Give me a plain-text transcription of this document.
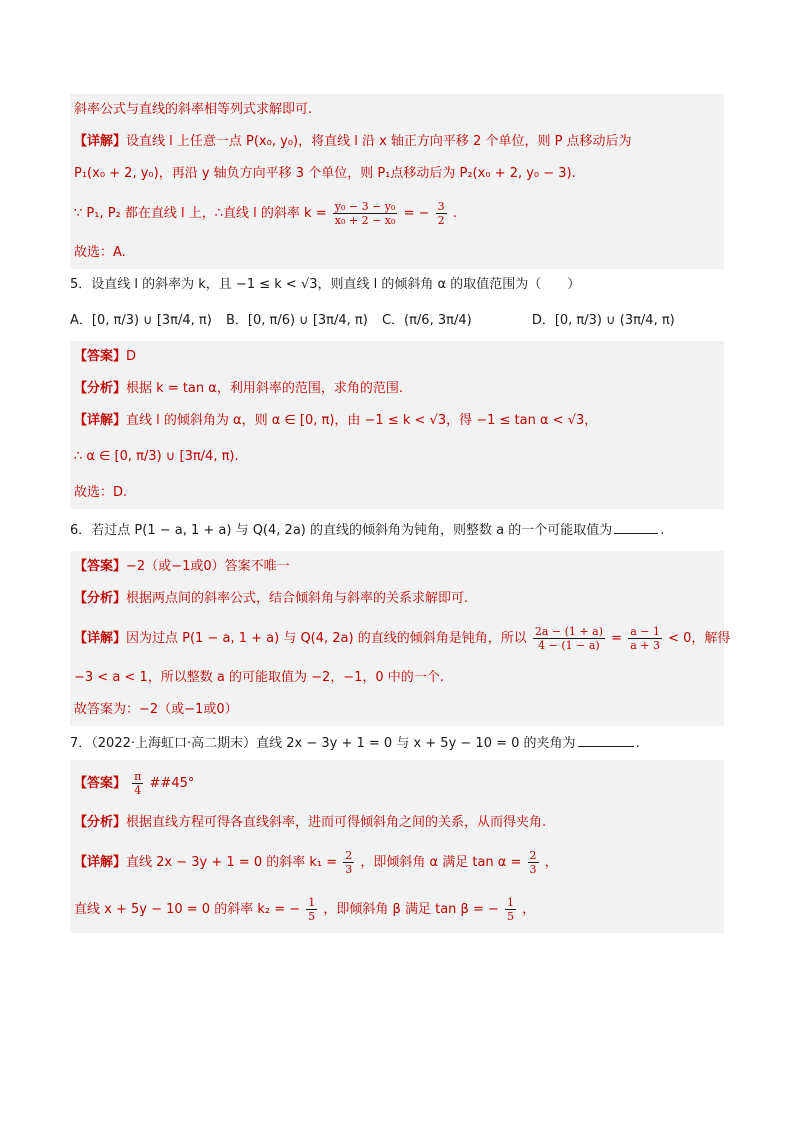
斜率公式与直线的斜率相等列式求解即可.
【详解】设直线 l 上任意一点 P(x₀, y₀)，将直线 l 沿 x 轴正方向平移 2 个单位，则 P 点移动后为
P₁(x₀ + 2, y₀)，再沿 y 轴负方向平移 3 个单位，则 P₁点移动后为 P₂(x₀ + 2, y₀ − 3).
∵ P₁, P₂ 都在直线 l 上，∴直线 l 的斜率 $k = \frac{\text{y₀ − 3 − y₀}}{\text{x₀ + 2 − x₀}}$ = − $\frac{3}{2}$ .
故选：A.
5．设直线 l 的斜率为 k，且 −1 ≤ k < √3，则直线 l 的倾斜角 α 的取值范围为（　　）
A．[0, π/3) ∪ [3π/4, π) B．[0, π/6) ∪ [3π/4, π) C．(π/6, 3π/4)	D．[0, π/3) ∪ (3π/4, π)
【答案】D
【分析】根据 k = tan α，利用斜率的范围，求角的范围.
【详解】直线 l 的倾斜角为 α，则 α ∈ [0, π)，由 −1 ≤ k < √3，得 −1 ≤ tan α < √3，
∴ α ∈ [0, π/3) ∪ [3π/4, π).
故选：D.
6．若过点 P(1 − a, 1 + a) 与 Q(4, 2a) 的直线的倾斜角为钝角，则整数 a 的一个可能取值为	.
【答案】−2（或−1或0）答案不唯一
【分析】根据两点间的斜率公式，结合倾斜角与斜率的关系求解即可.
【详解】因为过点 P(1 − a, 1 + a) 与 Q(4, 2a) 的直线的倾斜角是钝角，所以 $\frac{2a - (1 + a)}{4 - (1 - a)} = \frac{a - 1}{a + 3} < 0$，解得
−3 < a < 1，所以整数 a 的可能取值为 −2，−1，0 中的一个.
故答案为：−2（或−1或0）
7．（2022·上海虹口·高二期末）直线 2x − 3y + 1 = 0 与 x + 5y − 10 = 0 的夹角为	.
【答案】 $\frac{\pi}{4}$ ##45°
【分析】根据直线方程可得各直线斜率，进而可得倾斜角之间的关系，从而得夹角.
【详解】直线 2x − 3y + 1 = 0 的斜率 $k_1 = \frac{2}{3}$ ，即倾斜角 α 满足 $\tan \alpha = \frac{2}{3}$ ，
直线 x + 5y − 10 = 0 的斜率 k₂ = − $\frac{1}{5}$ ，即倾斜角 β 满足 tan β = − $\frac{1}{5}$ ，
